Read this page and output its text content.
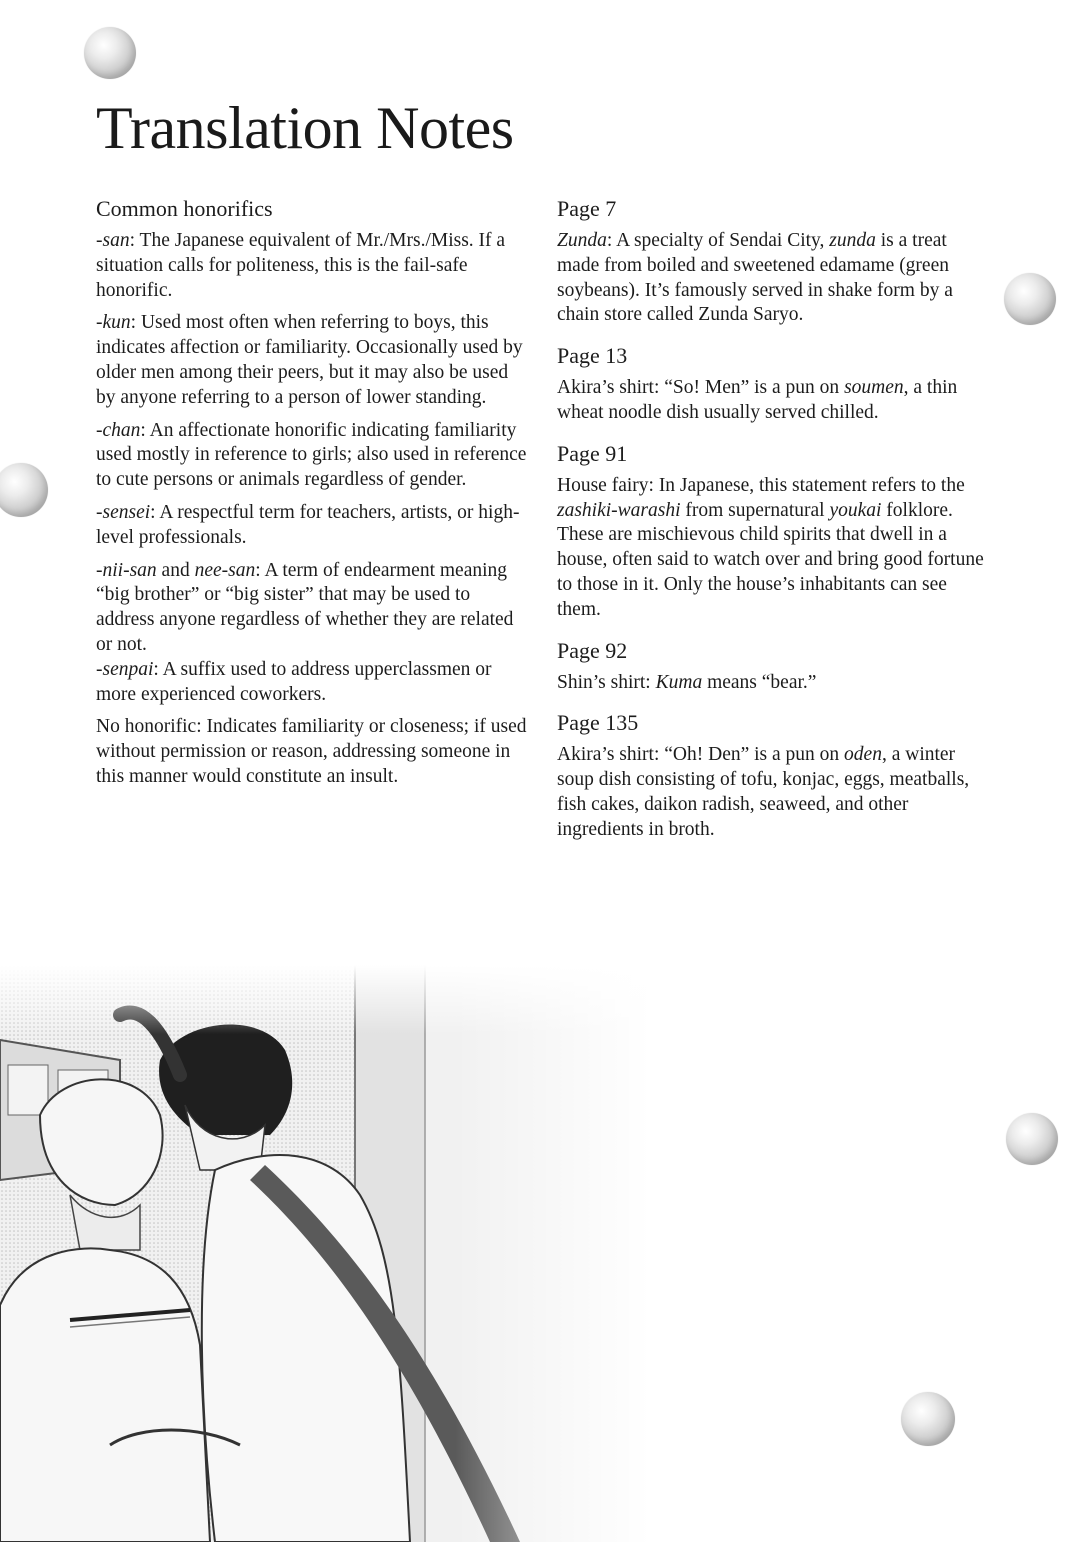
Translation Notes
Common honorifics
-san: The Japanese equivalent of Mr./Mrs./Miss. If a situation calls for politeness, this is the fail-safe honorific.
-kun: Used most often when referring to boys, this indicates affection or familiarity. Occasionally used by older men among their peers, but it may also be used by anyone referring to a person of lower standing.
-chan: An affectionate honorific indicating familiarity used mostly in reference to girls; also used in reference to cute persons or animals regardless of gender.
-sensei: A respectful term for teachers, artists, or high-level professionals.
-nii-san and nee-san: A term of endearment meaning “big brother” or “big sister” that may be used to address anyone regardless of whether they are related or not.
-senpai: A suffix used to address upperclassmen or more experienced coworkers.
No honorific: Indicates familiarity or closeness; if used without permission or reason, addressing someone in this manner would constitute an insult.
Page 7
Zunda: A specialty of Sendai City, zunda is a treat made from boiled and sweetened edamame (green soybeans). It’s famously served in shake form by a chain store called Zunda Saryo.
Page 13
Akira’s shirt: “So! Men” is a pun on soumen, a thin wheat noodle dish usually served chilled.
Page 91
House fairy: In Japanese, this statement refers to the zashiki-warashi from supernatural youkai folklore. These are mischievous child spirits that dwell in a house, often said to watch over and bring good fortune to those in it. Only the house’s inhabitants can see them.
Page 92
Shin’s shirt: Kuma means “bear.”
Page 135
Akira’s shirt: “Oh! Den” is a pun on oden, a winter soup dish consisting of tofu, konjac, eggs, meatballs, fish cakes, daikon radish, seaweed, and other ingredients in broth.
